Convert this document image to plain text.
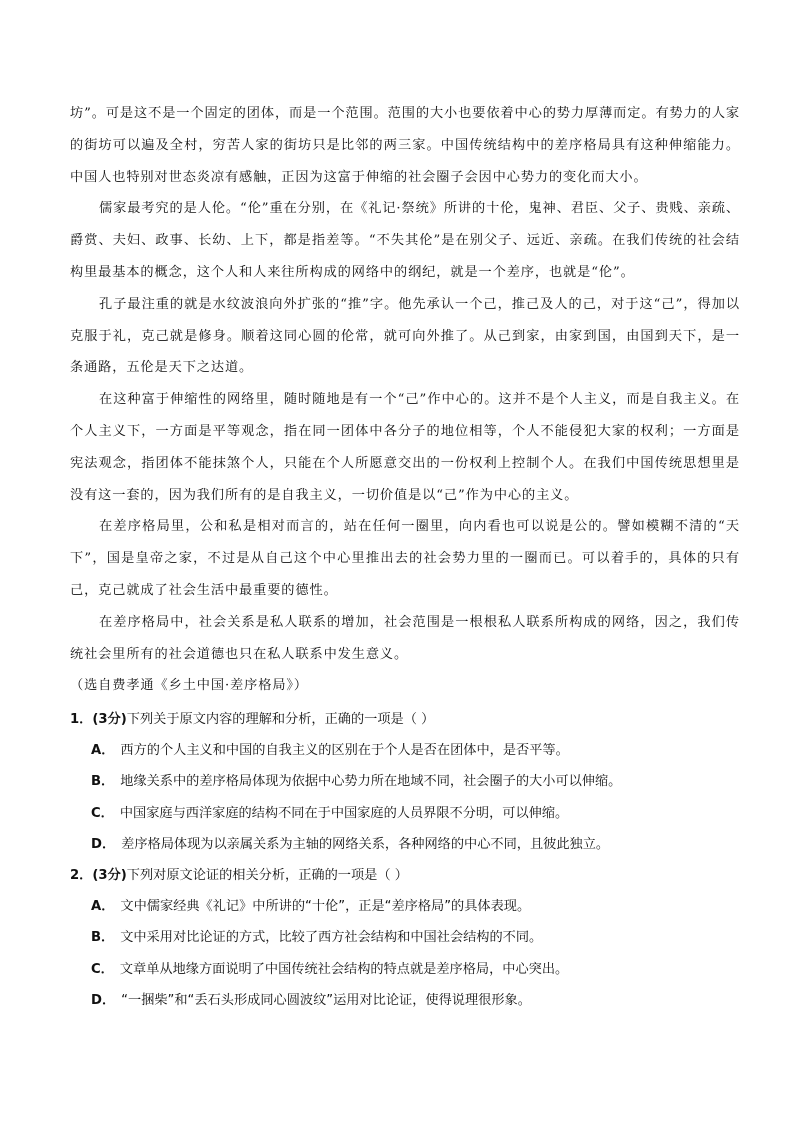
坊”。可是这不是一个固定的团体，而是一个范围。范围的大小也要依着中心的势力厚薄而定。有势力的人家的街坊可以遍及全村，穷苦人家的街坊只是比邻的两三家。中国传统结构中的差序格局具有这种伸缩能力。中国人也特别对世态炎凉有感触，正因为这富于伸缩的社会圈子会因中心势力的变化而大小。

儒家最考究的是人伦。“伦”重在分别，在《礼记·祭统》所讲的十伦，鬼神、君臣、父子、贵贱、亲疏、爵赏、夫妇、政事、长幼、上下，都是指差等。“不失其伦”是在别父子、远近、亲疏。在我们传统的社会结构里最基本的概念，这个人和人来往所构成的网络中的纲纪，就是一个差序，也就是“伦”。

孔子最注重的就是水纹波浪向外扩张的“推”字。他先承认一个己，推己及人的己，对于这“己”，得加以克服于礼，克己就是修身。顺着这同心圆的伦常，就可向外推了。从己到家，由家到国，由国到天下，是一条通路，五伦是天下之达道。

在这种富于伸缩性的网络里，随时随地是有一个“己”作中心的。这并不是个人主义，而是自我主义。在个人主义下，一方面是平等观念，指在同一团体中各分子的地位相等，个人不能侵犯大家的权利；一方面是宪法观念，指团体不能抹煞个人，只能在个人所愿意交出的一份权利上控制个人。在我们中国传统思想里是没有这一套的，因为我们所有的是自我主义，一切价值是以“己”作为中心的主义。

在差序格局里，公和私是相对而言的，站在任何一圈里，向内看也可以说是公的。譬如模糊不清的“天下”，国是皇帝之家，不过是从自己这个中心里推出去的社会势力里的一圈而已。可以着手的，具体的只有己，克己就成了社会生活中最重要的德性。

在差序格局中，社会关系是私人联系的增加，社会范围是一根根私人联系所构成的网络，因之，我们传统社会里所有的社会道德也只在私人联系中发生意义。

（选自费孝通《乡土中国·差序格局》）

1．(3分)下列关于原文内容的理解和分析，正确的一项是（ ）

A． 西方的个人主义和中国的自我主义的区别在于个人是否在团体中，是否平等。

B． 地缘关系中的差序格局体现为依据中心势力所在地域不同，社会圈子的大小可以伸缩。

C． 中国家庭与西洋家庭的结构不同在于中国家庭的人员界限不分明，可以伸缩。

D． 差序格局体现为以亲属关系为主轴的网络关系，各种网络的中心不同，且彼此独立。

2．(3分)下列对原文论证的相关分析，正确的一项是（ ）

A． 文中儒家经典《礼记》中所讲的“十伦”，正是“差序格局”的具体表现。

B． 文中采用对比论证的方式，比较了西方社会结构和中国社会结构的不同。

C． 文章单从地缘方面说明了中国传统社会结构的特点就是差序格局，中心突出。

D． “一捆柴”和“丢石头形成同心圆波纹”运用对比论证，使得说理很形象。
